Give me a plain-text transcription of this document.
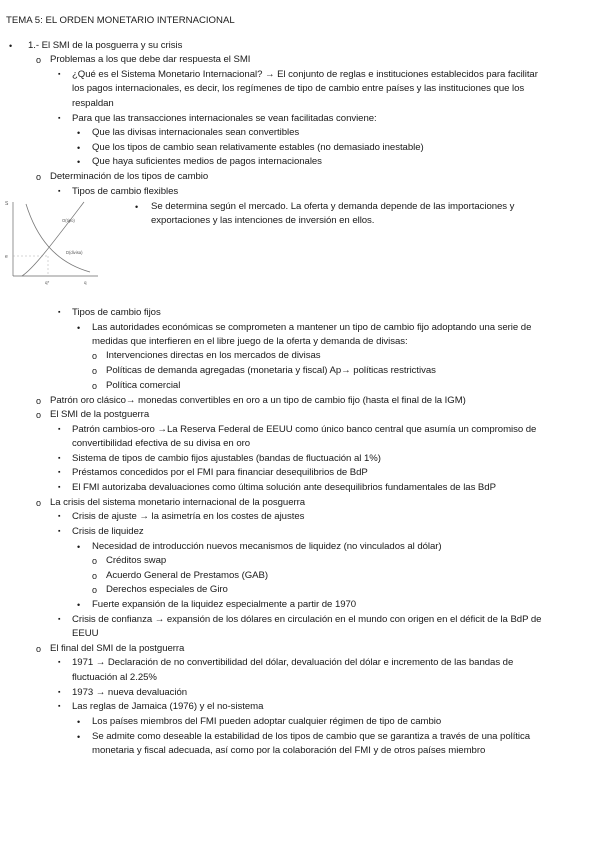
TEMA 5: EL ORDEN MONETARIO INTERNACIONAL
•
o
▪
▪
•
•
•
o
▪
•
▪
•
o
o
o
o
o
▪
▪
▪
▪
o
▪
▪
•
o
o
o
•
▪
o
▪
▪
▪
•
•
1.- El SMI de la posguerra y su crisis
Problemas a los que debe dar respuesta el SMI
¿Qué es el Sistema Monetario Internacional? → El conjunto de reglas e instituciones establecidos para facilitar
los pagos internacionales, es decir, los regímenes de tipo de cambio entre países y las instituciones que los
respaldan
Para que las transacciones internacionales se vean facilitadas conviene:
Que las divisas internacionales sean convertibles
Que los tipos de cambio sean relativamente estables (no demasiado inestable)
Que haya suficientes medios de pagos internacionales
Determinación de los tipos de cambio
Tipos de cambio flexibles
Se determina según el mercado. La oferta y demanda depende de las importaciones y
exportaciones y las intenciones de inversión en ellos.
Tipos de cambio fijos
Las autoridades económicas se comprometen a mantener un tipo de cambio fijo adoptando una serie de
medidas que interfieren en el libre juego de la oferta y demanda de divisas:
Intervenciones directas en los mercados de divisas
Políticas de demanda agregadas (monetaria y fiscal) Ap→ políticas restrictivas
Política comercial
Patrón oro clásico→ monedas convertibles en oro a un tipo de cambio fijo (hasta el final de la IGM)
El SMI de la postguerra
Patrón cambios-oro →La Reserva Federal de EEUU como único banco central que asumía un compromiso de
convertibilidad efectiva de su divisa en oro
Sistema de tipos de cambio fijos ajustables (bandas de fluctuación al 1%)
Préstamos concedidos por el FMI para financiar desequilibrios de BdP
El FMI autorizaba devaluaciones como última solución ante desequilibrios fundamentales de las BdP
La crisis del sistema monetario internacional de la posguerra
Crisis de ajuste → la asimetría en los costes de ajustes
Crisis de liquidez
Necesidad de introducción nuevos mecanismos de liquidez (no vinculados al dólar)
Créditos swap
Acuerdo General de Prestamos (GAB)
Derechos especiales de Giro
Fuerte expansión de la liquidez especialmente a partir de 1970
Crisis de confianza → expansión de los dólares en circulación en el mundo con origen en el déficit de la BdP de
EEUU
El final del SMI de la postguerra
1971 → Declaración de no convertibilidad del dólar, devaluación del dólar e incremento de las bandas de
fluctuación al 2.25%
1973 → nueva devaluación
Las reglas de Jamaica (1976) y el no-sistema
Los países miembros del FMI pueden adoptar cualquier régimen de tipo de cambio
Se admite como deseable la estabilidad de los tipos de cambio que se garantiza a través de una política
monetaria y fiscal adecuada, así como por la colaboración del FMI y de otros países miembro
S
e
O(tipo)
D(divisa)
q*	q
